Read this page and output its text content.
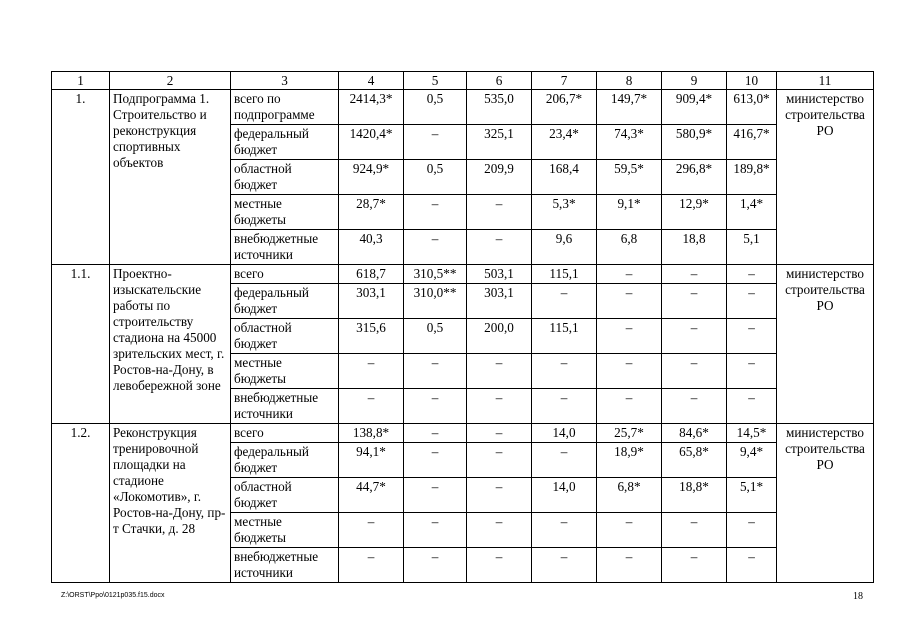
1	2	3	4	5	6	7	8	9	10	11
1.	Подпрограмма 1. Строительство и реконструкция спортивных объектов	всего по подпрограмме	2414,3*	0,5	535,0	206,7*	149,7*	909,4*	613,0*	министерство строительства РО
		федеральный бюджет	1420,4*	–	325,1	23,4*	74,3*	580,9*	416,7*	
		областной бюджет	924,9*	0,5	209,9	168,4	59,5*	296,8*	189,8*	
		местные бюджеты	28,7*	–	–	5,3*	9,1*	12,9*	1,4*	
		внебюджетные источники	40,3	–	–	9,6	6,8	18,8	5,1	
1.1.	Проектно-изыскательские работы по строительству стадиона на 45000 зрительских мест, г. Ростов-на-Дону, в левобережной зоне	всего	618,7	310,5**	503,1	115,1	–	–	–	министерство строительства РО
		федеральный бюджет	303,1	310,0**	303,1	–	–	–	–	
		областной бюджет	315,6	0,5	200,0	115,1	–	–	–	
		местные бюджеты	–	–	–	–	–	–	–	
		внебюджетные источники	–	–	–	–	–	–	–	
1.2.	Реконструкция тренировочной площадки на стадионе «Локомотив», г. Ростов-на-Дону, пр-т Стачки, д. 28	всего	138,8*	–	–	14,0	25,7*	84,6*	14,5*	министерство строительства РО
		федеральный бюджет	94,1*	–	–	–	18,9*	65,8*	9,4*	
		областной бюджет	44,7*	–	–	14,0	6,8*	18,8*	5,1*	
		местные бюджеты	–	–	–	–	–	–	–	
		внебюджетные источники	–	–	–	–	–	–	–	
Z:\ORST\Ppo\0121p035.f15.docx	18
